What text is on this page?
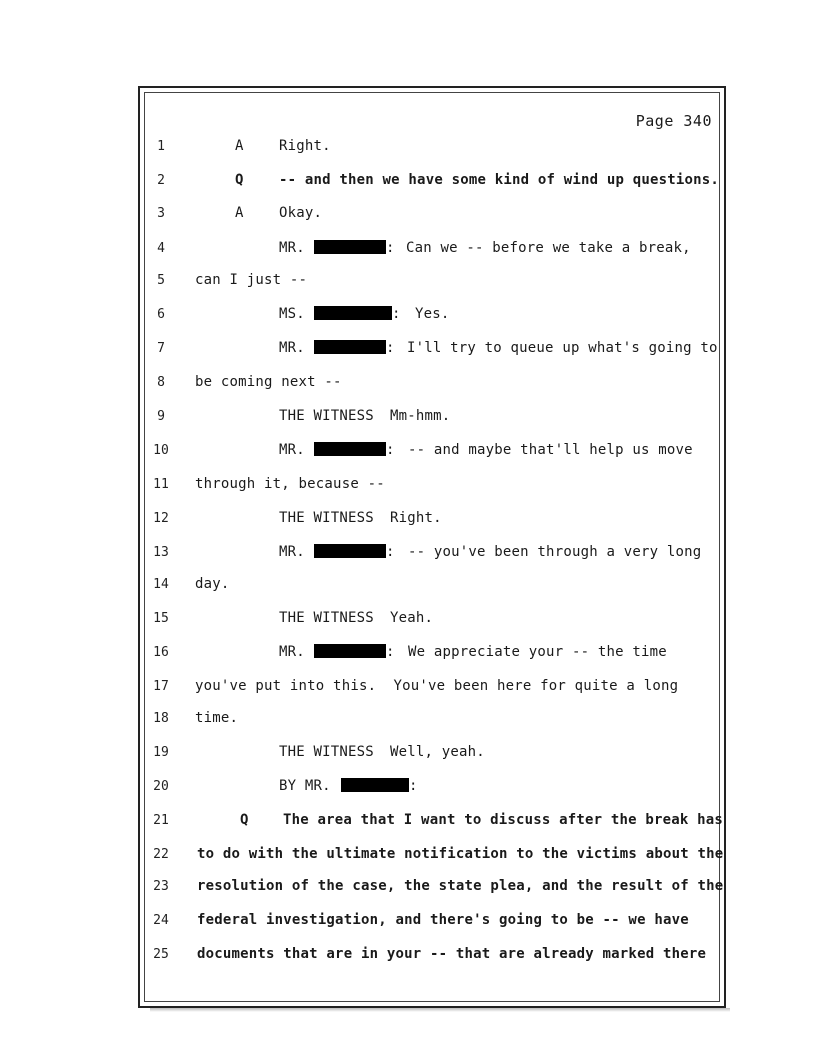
Page 340
1	A	Right.
2	Q	-- and then we have some kind of wind up questions.
3	A	Okay.
4	MR.	: Can we -- before we take a break,
5	can I just --
6	MS.	: Yes.
7	MR.	: I'll try to queue up what's going to
8	be coming next --
9	THE WITNESS Mm-hmm.
10	MR.	: -- and maybe that'll help us move
11 through it, because --
12	THE WITNESS Right.
13	MR.	: -- you've been through a very long
14 day.
15	THE WITNESS Yeah.
16	MR.	: We appreciate your -- the time
17 you've put into this.  You've been here for quite a long
18 time.
19	THE WITNESS Well, yeah.
20	BY MR.	:
21	Q The area that I want to discuss after the break has
22 to do with the ultimate notification to the victims about the
23 resolution of the case, the state plea, and the result of the
24 federal investigation, and there's going to be -- we have
25 documents that are in your -- that are already marked there
